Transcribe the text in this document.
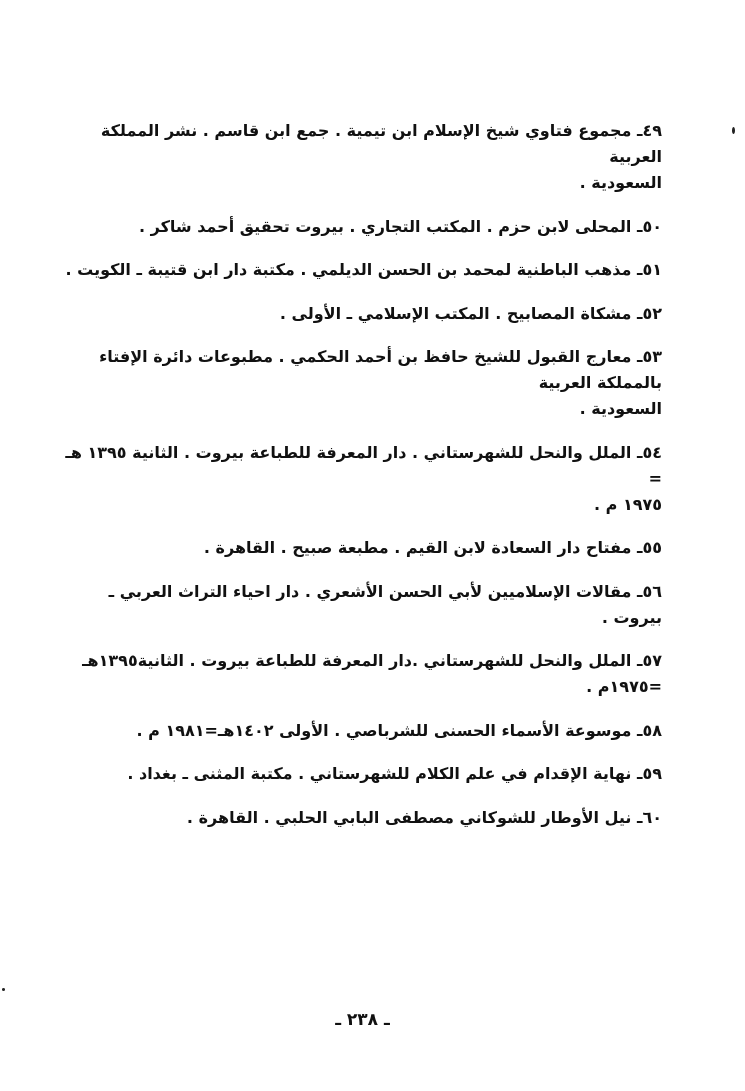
٤٩ـ مجموع فتاوي شيخ الإسلام ابن تيمية . جمع ابن قاسم . نشر المملكة العربية
السعودية .
٥٠ـ المحلى لابن حزم . المكتب التجاري . بيروت تحقيق أحمد شاكر .
٥١ـ مذهب الباطنية لمحمد بن الحسن الديلمي . مكتبة دار ابن قتيبة ـ الكويت .
٥٢ـ مشكاة المصابيح . المكتب الإسلامي ـ الأولى .
٥٣ـ معارج القبول للشيخ حافظ بن أحمد الحكمي . مطبوعات دائرة الإفتاء بالمملكة العربية
السعودية .
٥٤ـ الملل والنحل للشهرستاني . دار المعرفة للطباعة بيروت . الثانية ١٣٩٥ هـ =
١٩٧٥ م .
٥٥ـ مفتاح دار السعادة لابن القيم . مطبعة صبيح . القاهرة .
٥٦ـ مقالات الإسلاميين لأبي الحسن الأشعري . دار احياء التراث العربي ـ بيروت .
٥٧ـ الملل والنحل للشهرستاني .دار المعرفة للطباعة بيروت . الثانية١٣٩٥هـ =١٩٧٥م .
٥٨ـ موسوعة الأسماء الحسنى للشرباصي . الأولى ١٤٠٢هـ=١٩٨١ م .
٥٩ـ نهاية الإقدام في علم الكلام للشهرستاني . مكتبة المثنى ـ بغداد .
٦٠ـ نيل الأوطار للشوكاني مصطفى البابي الحلبي . القاهرة .
ـ ٢٣٨ ـ
